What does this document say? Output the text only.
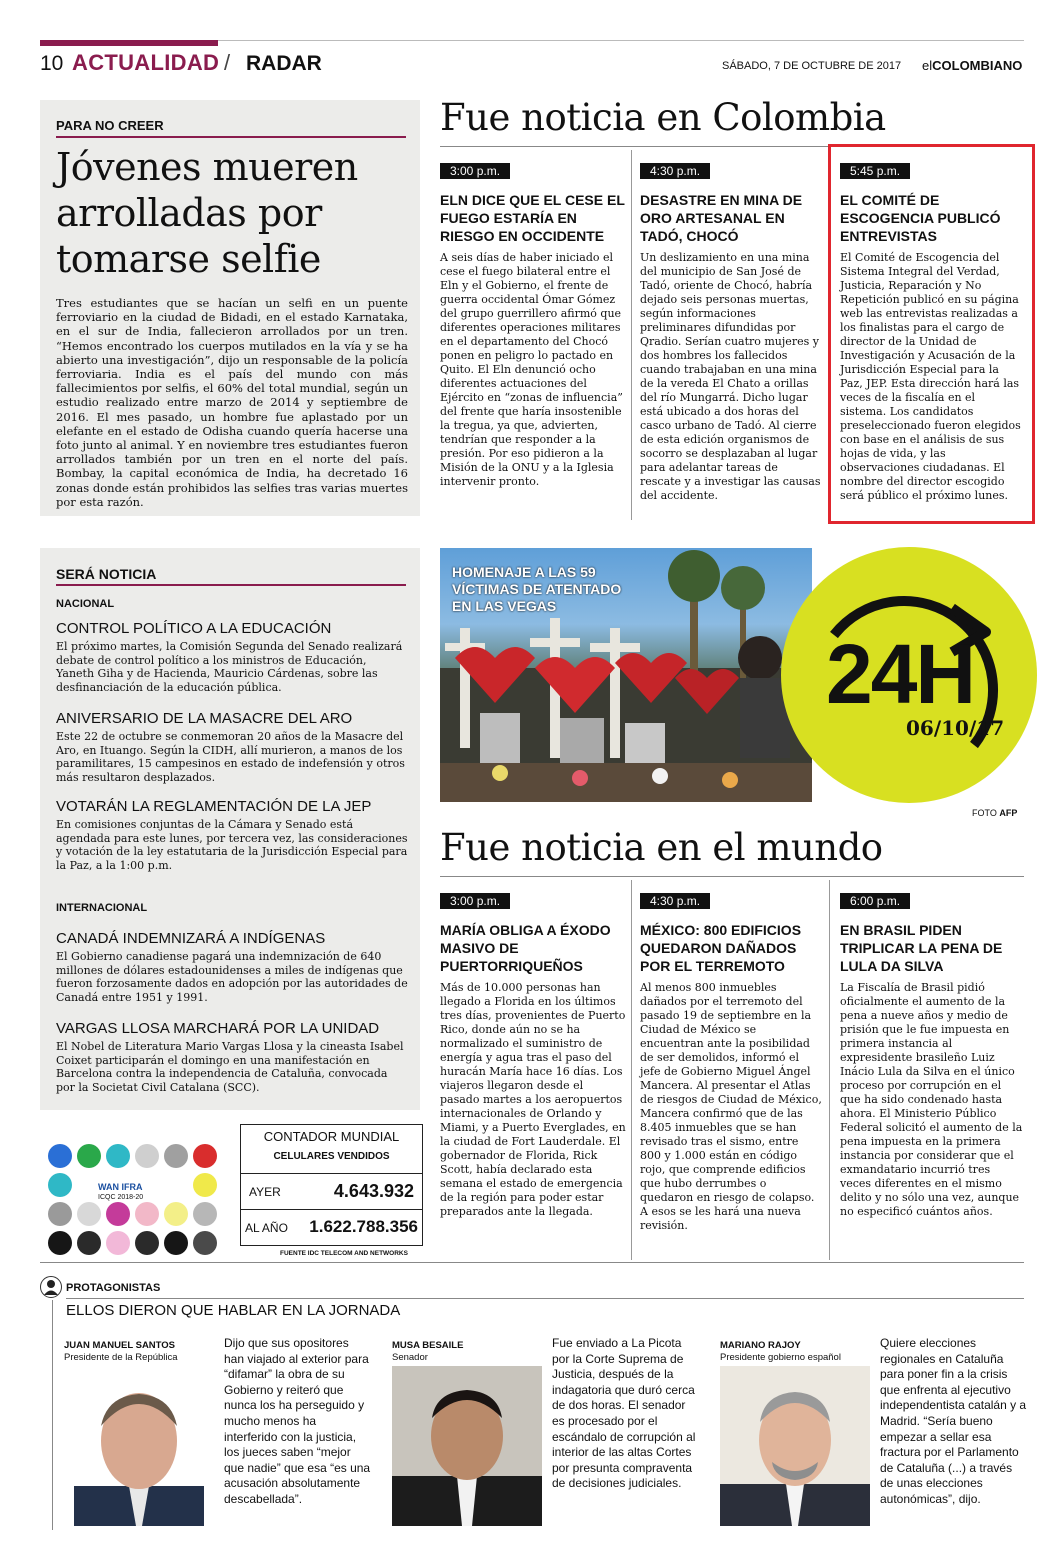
10 ACTUALIDAD / RADAR	SÁBADO, 7 DE OCTUBRE DE 2017 elCOLOMBIANO
PARA NO CREER
Jóvenes mueren
arrolladas por
tomarse selfie
Tres estudiantes que se hacían un selfi en un puente ferroviario en la ciudad de Bidadi, en el estado Karnataka, en el sur de India, fallecieron arrollados por un tren. “Hemos encontrado los cuerpos mutilados en la vía y se ha abierto una investigación”, dijo un responsable de la policía ferroviaria. India es el país del mundo con más fallecimientos por selfis, el 60% del total mundial, según un estudio realizado entre marzo de 2014 y septiembre de 2016. El mes pasado, un hombre fue aplastado por un elefante en el estado de Odisha cuando quería hacerse una foto junto al animal. Y en noviembre tres estudiantes fueron arrollados también por un tren en el norte del país. Bombay, la capital económica de India, ha decretado 16 zonas donde están prohibidos las selfies tras varias muertes por esta razón.
Fue noticia en Colombia
3:00 p.m.
ELN DICE QUE EL CESE EL FUEGO ESTARÍA EN RIESGO EN OCCIDENTE
A seis días de haber iniciado el cese el fuego bilateral entre el Eln y el Gobierno, el frente de guerra occidental Ómar Gómez del grupo guerrillero afirmó que diferentes operaciones militares en el departamento del Chocó ponen en peligro lo pactado en Quito. El Eln denunció ocho diferentes actuaciones del Ejército en “zonas de influencia” del frente que haría insostenible la tregua, ya que, advierten, tendrían que responder a la presión. Por eso pidieron a la Misión de la ONU y a la Iglesia intervenir pronto.
4:30 p.m.
DESASTRE EN MINA DE ORO ARTESANAL EN TADÓ, CHOCÓ
Un deslizamiento en una mina del municipio de San José de Tadó, oriente de Chocó, habría dejado seis personas muertas, según informaciones preliminares difundidas por Qradio. Serían cuatro mujeres y dos hombres los fallecidos cuando trabajaban en una mina de la vereda El Chato a orillas del río Mungarrá. Dicho lugar está ubicado a dos horas del casco urbano de Tadó. Al cierre de esta edición organismos de socorro se desplazaban al lugar para adelantar tareas de rescate y a investigar las causas del accidente.
5:45 p.m.
EL COMITÉ DE ESCOGENCIA PUBLICÓ ENTREVISTAS
El Comité de Escogencia del Sistema Integral del Verdad, Justicia, Reparación y No Repetición publicó en su página web las entrevistas realizadas a los finalistas para el cargo de director de la Unidad de Investigación y Acusación de la Jurisdicción Especial para la Paz, JEP. Esta dirección hará las veces de la fiscalía en el sistema. Los candidatos preseleccionado fueron elegidos con base en el análisis de sus hojas de vida, y las observaciones ciudadanas. El nombre del director escogido será público el próximo lunes.
SERÁ NOTICIA
NACIONAL
CONTROL POLÍTICO A LA EDUCACIÓN
El próximo martes, la Comisión Segunda del Senado realizará debate de control político a los ministros de Educación, Yaneth Giha y de Hacienda, Mauricio Cárdenas, sobre las desfinanciación de la educación pública.
ANIVERSARIO DE LA MASACRE DEL ARO
Este 22 de octubre se conmemoran 20 años de la Masacre del Aro, en Ituango. Según la CIDH, allí murieron, a manos de los paramilitares, 15 campesinos en estado de indefensión y otros más resultaron desplazados.
VOTARÁN LA REGLAMENTACIÓN DE LA JEP
En comisiones conjuntas de la Cámara y Senado está agendada para este lunes, por tercera vez, las consideraciones y votación de la ley estatutaria de la Jurisdicción Especial para la Paz, a la 1:00 p.m.
INTERNACIONAL
CANADÁ INDEMNIZARÁ A INDÍGENAS
El Gobierno canadiense pagará una indemnización de 640 millones de dólares estadounidenses a miles de indígenas que fueron forzosamente dados en adopción por las autoridades de Canadá entre 1951 y 1991.
VARGAS LLOSA MARCHARÁ POR LA UNIDAD
El Nobel de Literatura Mario Vargas Llosa y la cineasta Isabel Coixet participarán el domingo en una manifestación en Barcelona contra la independencia de Cataluña, convocada por la Societat Civil Catalana (SCC).
HOMENAJE A LAS 59
VÍCTIMAS DE ATENTADO
EN LAS VEGAS
24H
06/10/17
FOTO AFP
Fue noticia en el mundo
3:00 p.m.
MARÍA OBLIGA A ÉXODO MASIVO DE PUERTORRIQUEÑOS
Más de 10.000 personas han llegado a Florida en los últimos tres días, provenientes de Puerto Rico, donde aún no se ha normalizado el suministro de energía y agua tras el paso del huracán María hace 16 días. Los viajeros llegaron desde el pasado martes a los aeropuertos internacionales de Orlando y Miami, y a Puerto Everglades, en la ciudad de Fort Lauderdale. El gobernador de Florida, Rick Scott, había declarado esta semana el estado de emergencia de la región para poder estar preparados ante la llegada.
4:30 p.m.
MÉXICO: 800 EDIFICIOS QUEDARON DAÑADOS POR EL TERREMOTO
Al menos 800 inmuebles dañados por el terremoto del pasado 19 de septiembre en la Ciudad de México se encuentran ante la posibilidad de ser demolidos, informó el jefe de Gobierno Miguel Ángel Mancera. Al presentar el Atlas de riesgos de Ciudad de México, Mancera confirmó que de las 8.405 inmuebles que se han revisado tras el sismo, entre 800 y 1.000 están en código rojo, que comprende edificios que hubo derrumbes o quedaron en riesgo de colapso. A esos se les hará una nueva revisión.
6:00 p.m.
EN BRASIL PIDEN TRIPLICAR LA PENA DE LULA DA SILVA
La Fiscalía de Brasil pidió oficialmente el aumento de la pena a nueve años y medio de prisión que le fue impuesta en primera instancia al expresidente brasileño Luiz Inácio Lula da Silva en el único proceso por corrupción en el que ha sido condenado hasta ahora. El Ministerio Público Federal solicitó el aumento de la pena impuesta en la primera instancia por considerar que el exmandatario incurrió tres veces diferentes en el mismo delito y no sólo una vez, aunque no especificó cuántos años.
WAN IFRA
ICQC 2018-20
CONTADOR MUNDIAL
CELULARES VENDIDOS
AYER	4.643.932
AL AÑO 1.622.788.356
FUENTE IDC TELECOM AND NETWORKS
PROTAGONISTAS
ELLOS DIERON QUE HABLAR EN LA JORNADA
JUAN MANUEL SANTOS
Presidente de la República
Dijo que sus opositores han viajado al exterior para “difamar” la obra de su Gobierno y reiteró que nunca los ha perseguido y mucho menos ha interferido con la justicia, los jueces saben “mejor que nadie” que esa “es una acusación absolutamente descabellada”.
MUSA BESAILE
Senador
Fue enviado a La Picota por la Corte Suprema de Justicia, después de la indagatoria que duró cerca de dos horas. El senador es procesado por el escándalo de corrupción al interior de las altas Cortes por presunta compraventa de decisiones judiciales.
MARIANO RAJOY
Presidente gobierno español
Quiere elecciones regionales en Cataluña para poner fin a la crisis que enfrenta al ejecutivo independentista catalán y a Madrid. “Sería bueno empezar a sellar esa fractura por el Parlamento de Cataluña (...) a través de unas elecciones autonómicas”, dijo.
